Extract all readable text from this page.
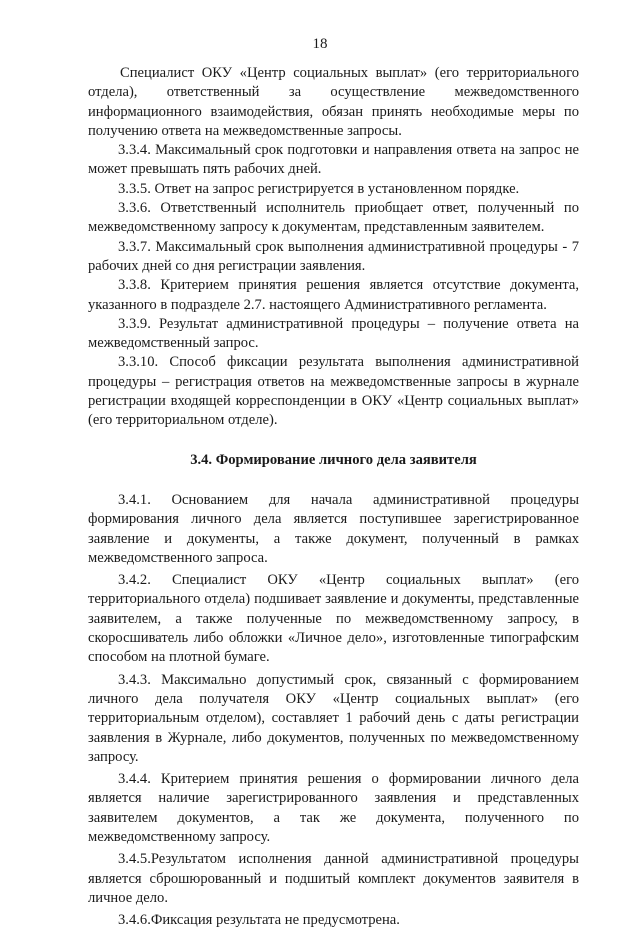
18

Специалист ОКУ «Центр социальных выплат» (его территориального отдела), ответственный за осуществление межведомственного информационного взаимодействия, обязан принять необходимые меры по получению ответа на межведомственные запросы.

3.3.4. Максимальный срок подготовки и направления ответа на запрос не может превышать пять рабочих дней.

3.3.5. Ответ на запрос регистрируется в установленном порядке.

3.3.6. Ответственный исполнитель приобщает ответ, полученный по межведомственному запросу к документам, представленным заявителем.

3.3.7. Максимальный срок выполнения административной процедуры - 7 рабочих дней со дня регистрации заявления.

3.3.8. Критерием принятия решения является отсутствие документа, указанного в подразделе 2.7. настоящего Административного регламента.

3.3.9. Результат административной процедуры – получение ответа на межведомственный запрос.

3.3.10. Способ фиксации результата выполнения административной процедуры – регистрация ответов на межведомственные запросы в журнале регистрации входящей корреспонденции в ОКУ «Центр социальных выплат» (его территориальном отделе).

3.4. Формирование личного дела заявителя

3.4.1. Основанием для начала административной процедуры формирования личного дела является поступившее зарегистрированное заявление и документы, а также документ, полученный в рамках межведомственного запроса.

3.4.2. Специалист ОКУ «Центр социальных выплат» (его территориального отдела) подшивает заявление и документы, представленные заявителем, а также полученные по межведомственному запросу, в скоросшиватель либо обложки «Личное дело», изготовленные типографским способом на плотной бумаге.

3.4.3. Максимально допустимый срок, связанный с формированием личного дела получателя ОКУ «Центр социальных выплат» (его территориальным отделом), составляет 1 рабочий день с даты регистрации заявления в Журнале, либо документов, полученных по межведомственному запросу.

3.4.4. Критерием принятия решения о формировании личного дела является наличие зарегистрированного заявления и представленных заявителем документов, а так же документа, полученного по межведомственному запросу.

3.4.5.Результатом исполнения данной административной процедуры является сброшюрованный и подшитый комплект документов заявителя в личное дело.

3.4.6.Фиксация результата не предусмотрена.
